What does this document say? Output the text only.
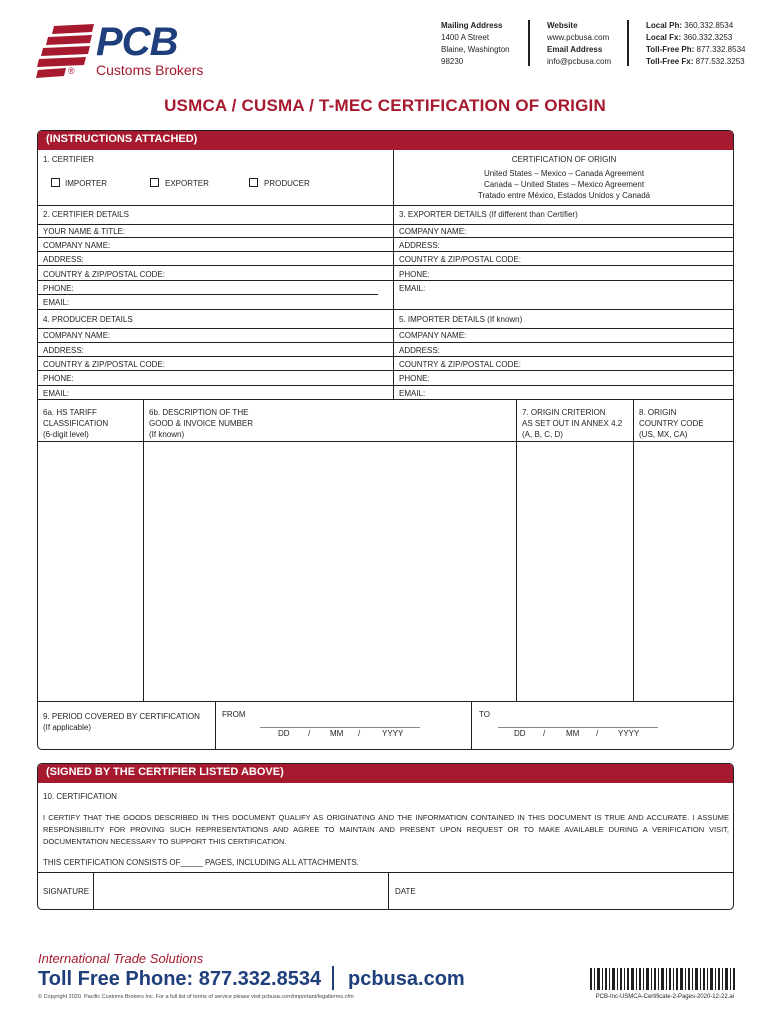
PCB
® Customs Brokers
Mailing Address
1400 A Street
Blaine, Washington
98230
Website
www.pcbusa.com
Email Address
info@pcbusa.com
Local Ph: 360.332.8534
Local Fx: 360.332.3253
Toll-Free Ph: 877.332.8534
Toll-Free Fx: 877.532.3253
USMCA / CUSMA / T-MEC CERTIFICATION OF ORIGIN
(INSTRUCTIONS ATTACHED)
1. CERTIFIER
IMPORTER	EXPORTER	PRODUCER
CERTIFICATION OF ORIGIN
United States – Mexico – Canada Agreement
Canada – United States – Mexico Agreement
Tratado entre México, Estados Unidos y Canadá
2. CERTIFIER DETAILS	3. EXPORTER DETAILS (If different than Certifier)
YOUR NAME & TITLE:
COMPANY NAME:
ADDRESS:
COUNTRY & ZIP/POSTAL CODE:
PHONE:
EMAIL:
COMPANY NAME:
ADDRESS:
COUNTRY & ZIP/POSTAL CODE:
PHONE:
EMAIL:
4. PRODUCER DETAILS	5. IMPORTER DETAILS (If known)
COMPANY NAME:
ADDRESS:
COUNTRY & ZIP/POSTAL CODE:
PHONE:
EMAIL:
COMPANY NAME:
ADDRESS:
COUNTRY & ZIP/POSTAL CODE:
PHONE:
EMAIL:
6a. HS TARIFF
CLASSIFICATION
(6-digit level)
6b. DESCRIPTION OF THE
GOOD & INVOICE NUMBER
(If known)
7. ORIGIN CRITERION
AS SET OUT IN ANNEX 4.2
(A, B, C, D)
8. ORIGIN
COUNTRY CODE
(US, MX, CA)
9. PERIOD COVERED BY CERTIFICATION
(If applicable)
FROM
DD / MM /	YYYY
TO
DD /	MM / YYYY
(SIGNED BY THE CERTIFIER LISTED ABOVE)
10. CERTIFICATION
I CERTIFY THAT THE GOODS DESCRIBED IN THIS DOCUMENT QUALIFY AS ORIGINATING AND THE INFORMATION CONTAINED IN THIS DOCUMENT IS TRUE AND ACCURATE. I ASSUME RESPONSIBILITY FOR PROVING SUCH REPRESENTATIONS AND AGREE TO MAINTAIN AND PRESENT UPON REQUEST OR TO MAKE AVAILABLE DURING A VERIFICATION VISIT, DOCUMENTATION NECESSARY TO SUPPORT THIS CERTIFICATION.
THIS CERTIFICATION CONSISTS OF_____ PAGES, INCLUDING ALL ATTACHMENTS.
SIGNATURE	DATE
International Trade Solutions
Toll Free Phone: 877.332.8534 pcbusa.com
© Copyright 2020. Pacific Customs Brokers Inc. For a full list of terms of service please visit pcbusa.com/important/legalterms.cfm	PCB-Inc-USMCA-Certificate-2-Pages-2020-12-22.ai
